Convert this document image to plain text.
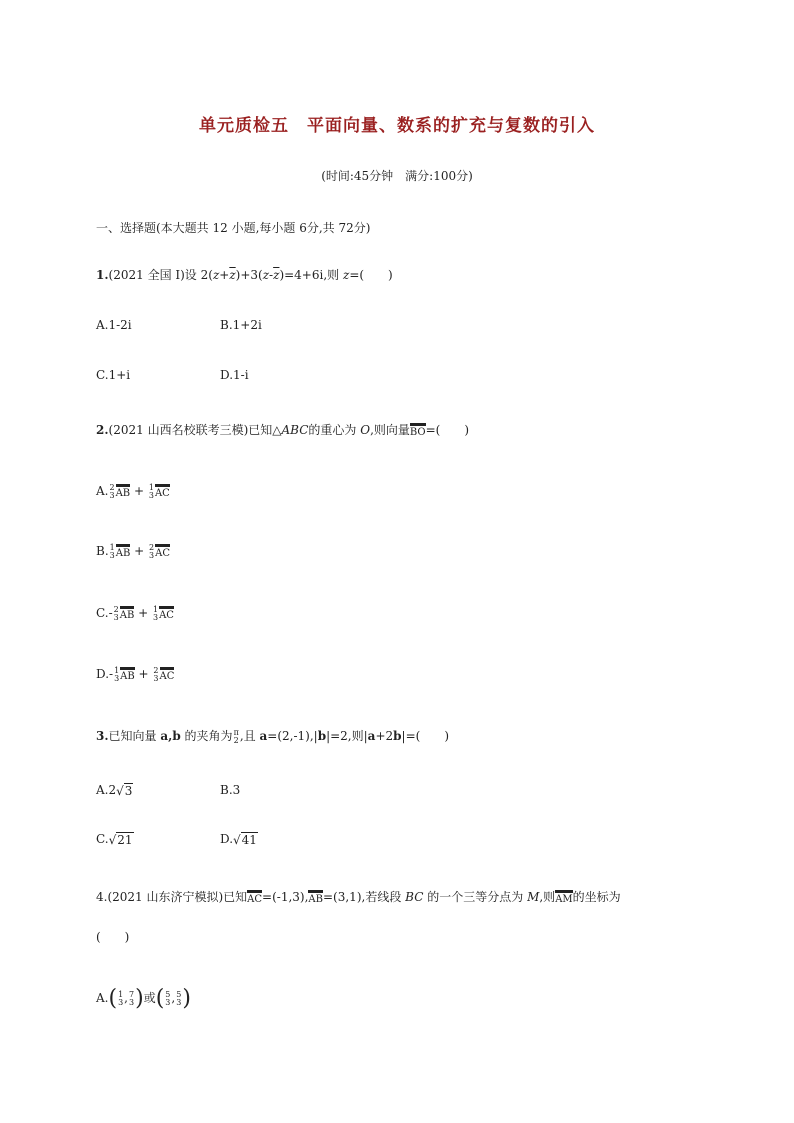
单元质检五　平面向量、数系的扩充与复数的引入
(时间:45分钟　满分:100分)
一、选择题(本大题共 12 小题,每小题 6分,共 72分)
1.(2021 全国 Ⅰ)设 $2(z+\overline{z})+3(z-\overline{z})=4+6i$,则 z=(　　)
A.1-2i	B.1+2i
C.1+i	D.1-i
2.(2021 山西名校联考三模)已知△ABC的重心为 O,则向量BO=(　　)
A. 2
3 AB + 1
3 AC
B. 1
3 AB + 2
3 AC
C.- 2
3 AB + 1
3 AC
D.- 1
3 AB + 2
3 AC
3.已知向量 a,b 的夹角为 π
2 ,且 a=(2,-1),|b|=2,则|a+2b|=(　　)
A.2√3	B.3
C.√21	D.√41
4.(2021 山东济宁模拟)已知AC=(-1,3),AB=(3,1),若线段 BC 的一个三等分点为 M,则AM的坐标为
(　　)
A.( 1
3 , 7
3 )或( 5
3 , 5
3 )
